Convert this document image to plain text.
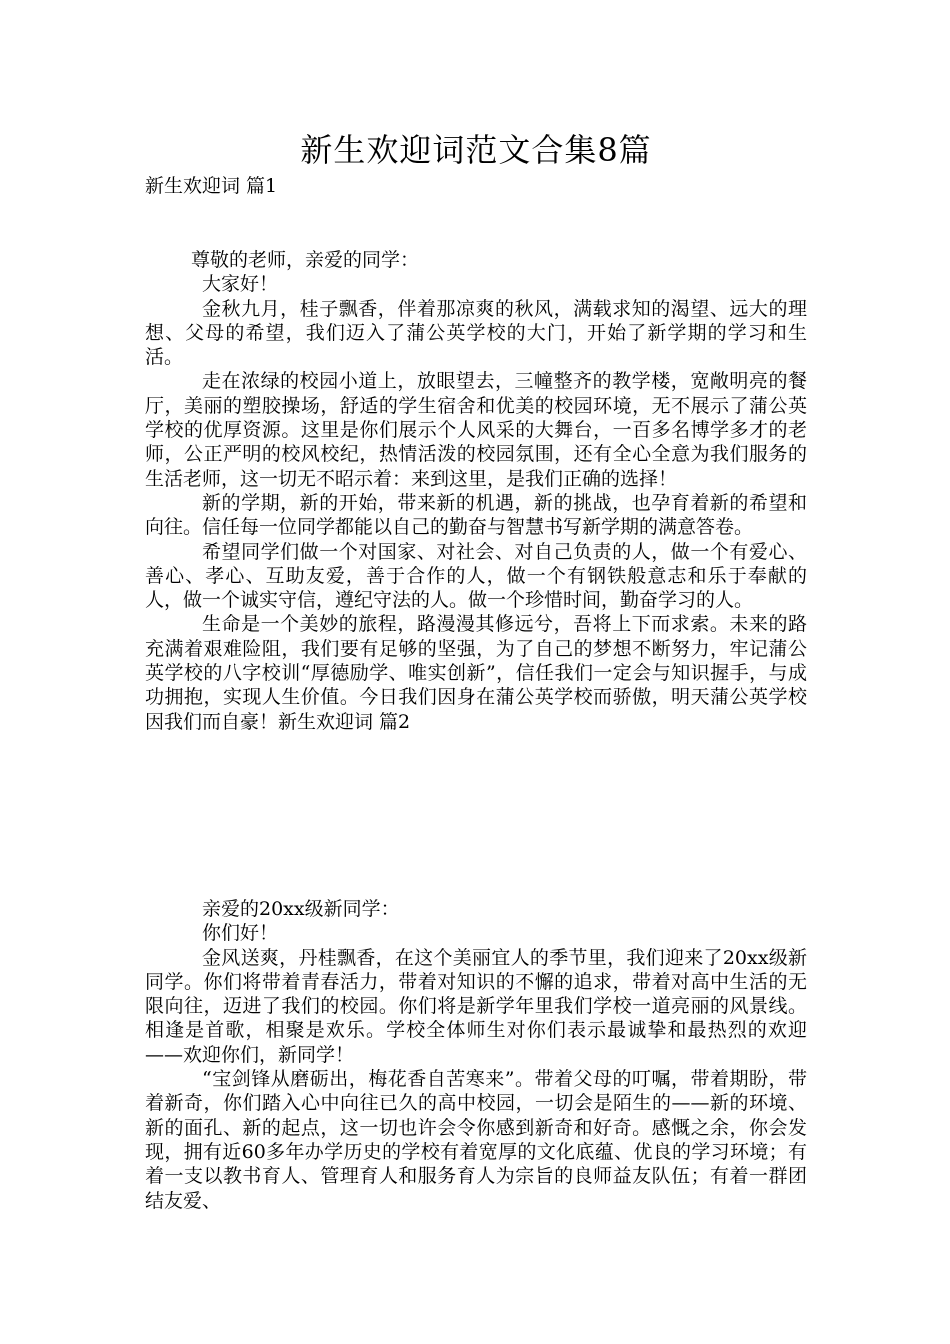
新生欢迎词范文合集8篇
新生欢迎词 篇1

尊敬的老师，亲爱的同学：

大家好！

金秋九月，桂子飘香，伴着那凉爽的秋风，满载求知的渴望、远大的理想、父母的希望，我们迈入了蒲公英学校的大门，开始了新学期的学习和生活。

走在浓绿的校园小道上，放眼望去，三幢整齐的教学楼，宽敞明亮的餐厅，美丽的塑胶操场，舒适的学生宿舍和优美的校园环境，无不展示了蒲公英学校的优厚资源。这里是你们展示个人风采的大舞台，一百多名博学多才的老师，公正严明的校风校纪，热情活泼的校园氛围，还有全心全意为我们服务的生活老师，这一切无不昭示着：来到这里，是我们正确的选择！

新的学期，新的开始，带来新的机遇，新的挑战，也孕育着新的希望和向往。信任每一位同学都能以自己的勤奋与智慧书写新学期的满意答卷。

希望同学们做一个对国家、对社会、对自己负责的人，做一个有爱心、善心、孝心、互助友爱，善于合作的人，做一个有钢铁般意志和乐于奉献的人，做一个诚实守信，遵纪守法的人。做一个珍惜时间，勤奋学习的人。

生命是一个美妙的旅程，路漫漫其修远兮，吾将上下而求索。未来的路充满着艰难险阻，我们要有足够的坚强，为了自己的梦想不断努力，牢记蒲公英学校的八字校训“厚德励学、唯实创新”，信任我们一定会与知识握手，与成功拥抱，实现人生价值。今日我们因身在蒲公英学校而骄傲，明天蒲公英学校因我们而自豪！新生欢迎词 篇2

亲爱的20xx级新同学：

你们好！

金风送爽，丹桂飘香，在这个美丽宜人的季节里，我们迎来了20xx级新同学。你们将带着青春活力，带着对知识的不懈的追求，带着对高中生活的无限向往，迈进了我们的校园。你们将是新学年里我们学校一道亮丽的风景线。相逢是首歌，相聚是欢乐。学校全体师生对你们表示最诚挚和最热烈的欢迎——欢迎你们，新同学！

“宝剑锋从磨砺出，梅花香自苦寒来”。带着父母的叮嘱，带着期盼，带着新奇，你们踏入心中向往已久的高中校园，一切会是陌生的——新的环境、新的面孔、新的起点，这一切也许会令你感到新奇和好奇。感慨之余，你会发现，拥有近60多年办学历史的学校有着宽厚的文化底蕴、优良的学习环境；有着一支以教书育人、管理育人和服务育人为宗旨的良师益友队伍；有着一群团结友爱、
